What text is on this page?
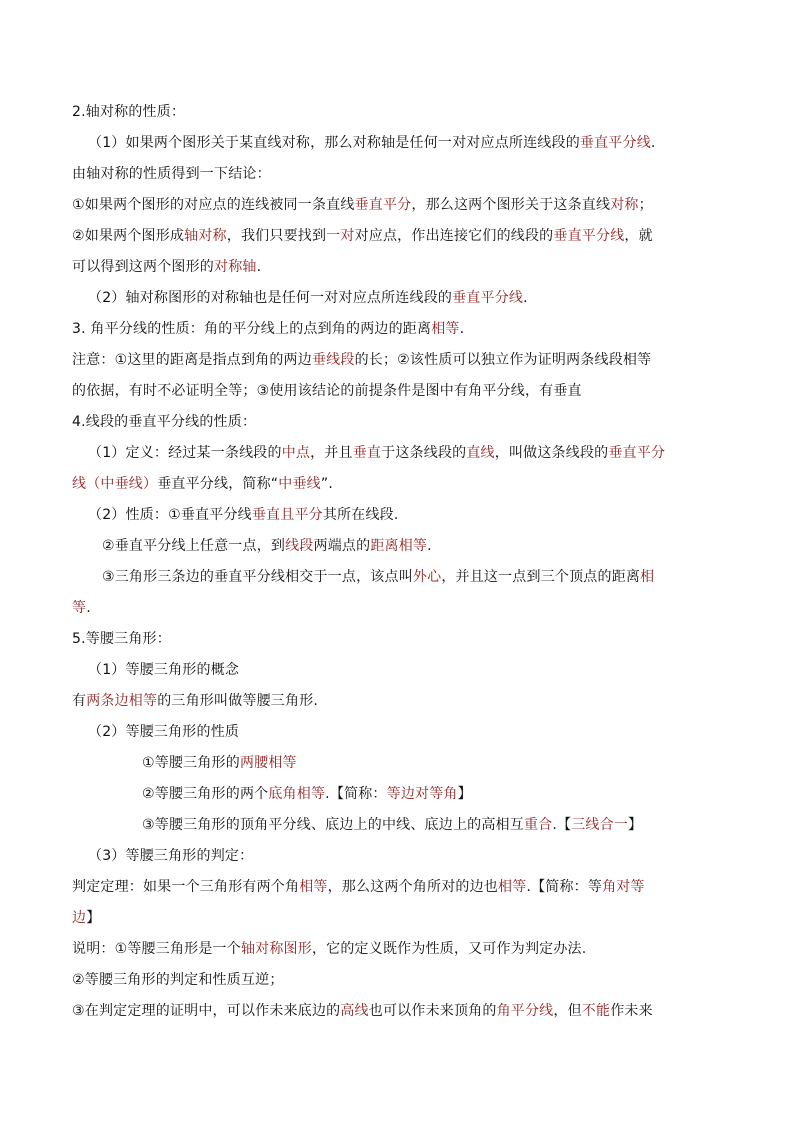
2.轴对称的性质：
（1）如果两个图形关于某直线对称，那么对称轴是任何一对对应点所连线段的垂直平分线.
由轴对称的性质得到一下结论：
①如果两个图形的对应点的连线被同一条直线垂直平分，那么这两个图形关于这条直线对称；
②如果两个图形成轴对称，我们只要找到一对对应点，作出连接它们的线段的垂直平分线，就
可以得到这两个图形的对称轴.
（2）轴对称图形的对称轴也是任何一对对应点所连线段的垂直平分线.
3. 角平分线的性质：角的平分线上的点到角的两边的距离相等.
注意：①这里的距离是指点到角的两边垂线段的长；②该性质可以独立作为证明两条线段相等
的依据，有时不必证明全等；③使用该结论的前提条件是图中有角平分线，有垂直
4.线段的垂直平分线的性质：
（1）定义：经过某一条线段的中点，并且垂直于这条线段的直线，叫做这条线段的垂直平分
线（中垂线）垂直平分线，简称“中垂线”.
（2）性质：①垂直平分线垂直且平分其所在线段.
②垂直平分线上任意一点，到线段两端点的距离相等.
③三角形三条边的垂直平分线相交于一点，该点叫外心，并且这一点到三个顶点的距离相
等.
5.等腰三角形：
（1）等腰三角形的概念
有两条边相等的三角形叫做等腰三角形.
（2）等腰三角形的性质
①等腰三角形的两腰相等
②等腰三角形的两个底角相等.【简称：等边对等角】
③等腰三角形的顶角平分线、底边上的中线、底边上的高相互重合.【三线合一】
（3）等腰三角形的判定：
判定定理：如果一个三角形有两个角相等，那么这两个角所对的边也相等.【简称：等角对等
边】
说明：①等腰三角形是一个轴对称图形，它的定义既作为性质，又可作为判定办法.
②等腰三角形的判定和性质互逆；
③在判定定理的证明中，可以作未来底边的高线也可以作未来顶角的角平分线，但不能作未来
